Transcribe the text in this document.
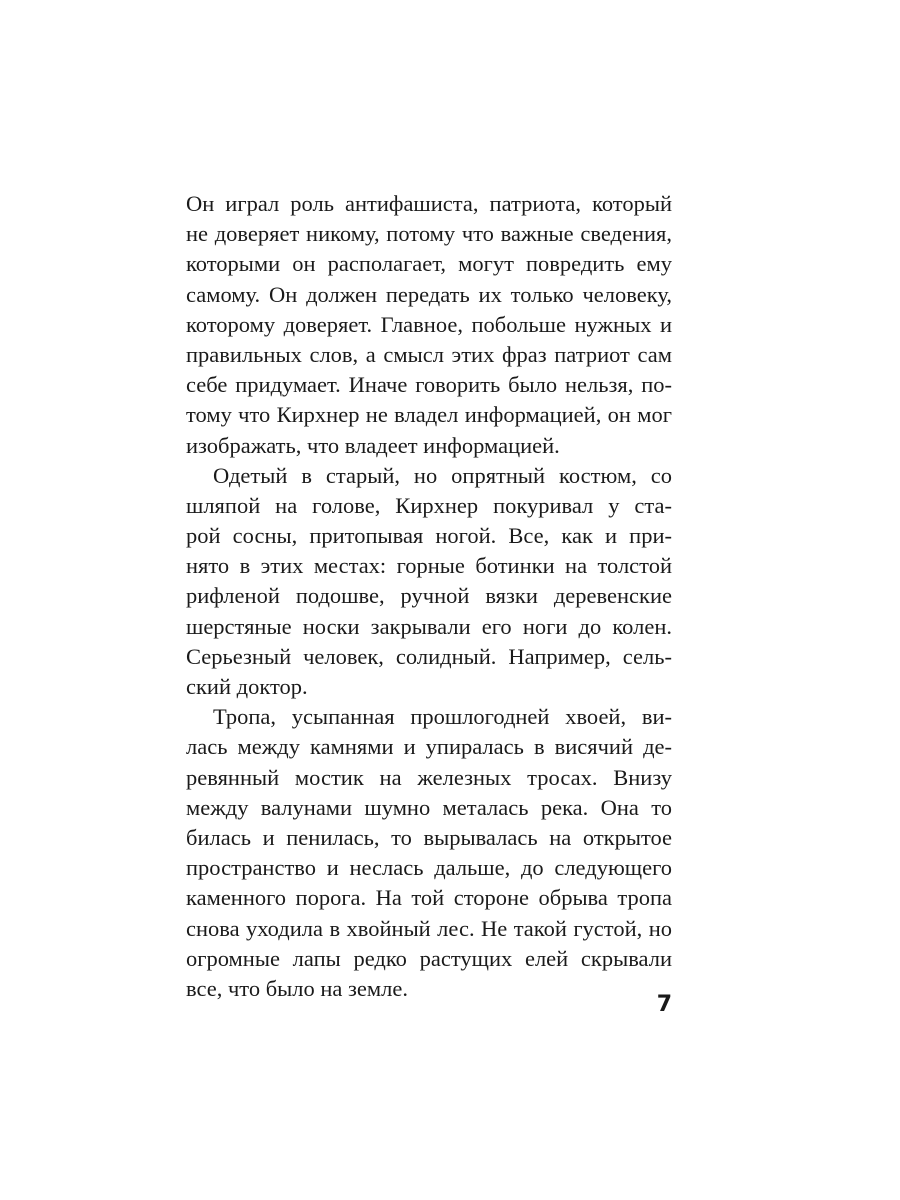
Он играл роль антифашиста, патриота, который
не доверяет никому, потому что важные сведения,
которыми он располагает, могут повредить ему
самому. Он должен передать их только человеку,
которому доверяет. Главное, побольше нужных и
правильных слов, а смысл этих фраз патриот сам
себе придумает. Иначе говорить было нельзя, по-
тому что Кирхнер не владел информацией, он мог
изображать, что владеет информацией.
Одетый в старый, но опрятный костюм, со
шляпой на голове, Кирхнер покуривал у ста-
рой сосны, притопывая ногой. Все, как и при-
нято в этих местах: горные ботинки на толстой
рифленой подошве, ручной вязки деревенские
шерстяные носки закрывали его ноги до колен.
Серьезный человек, солидный. Например, сель-
ский доктор.
Тропа, усыпанная прошлогодней хвоей, ви-
лась между камнями и упиралась в висячий де-
ревянный мостик на железных тросах. Внизу
между валунами шумно металась река. Она то
билась и пенилась, то вырывалась на открытое
пространство и неслась дальше, до следующего
каменного порога. На той стороне обрыва тропа
снова уходила в хвойный лес. Не такой густой, но
огромные лапы редко растущих елей скрывали
все, что было на земле.
7
